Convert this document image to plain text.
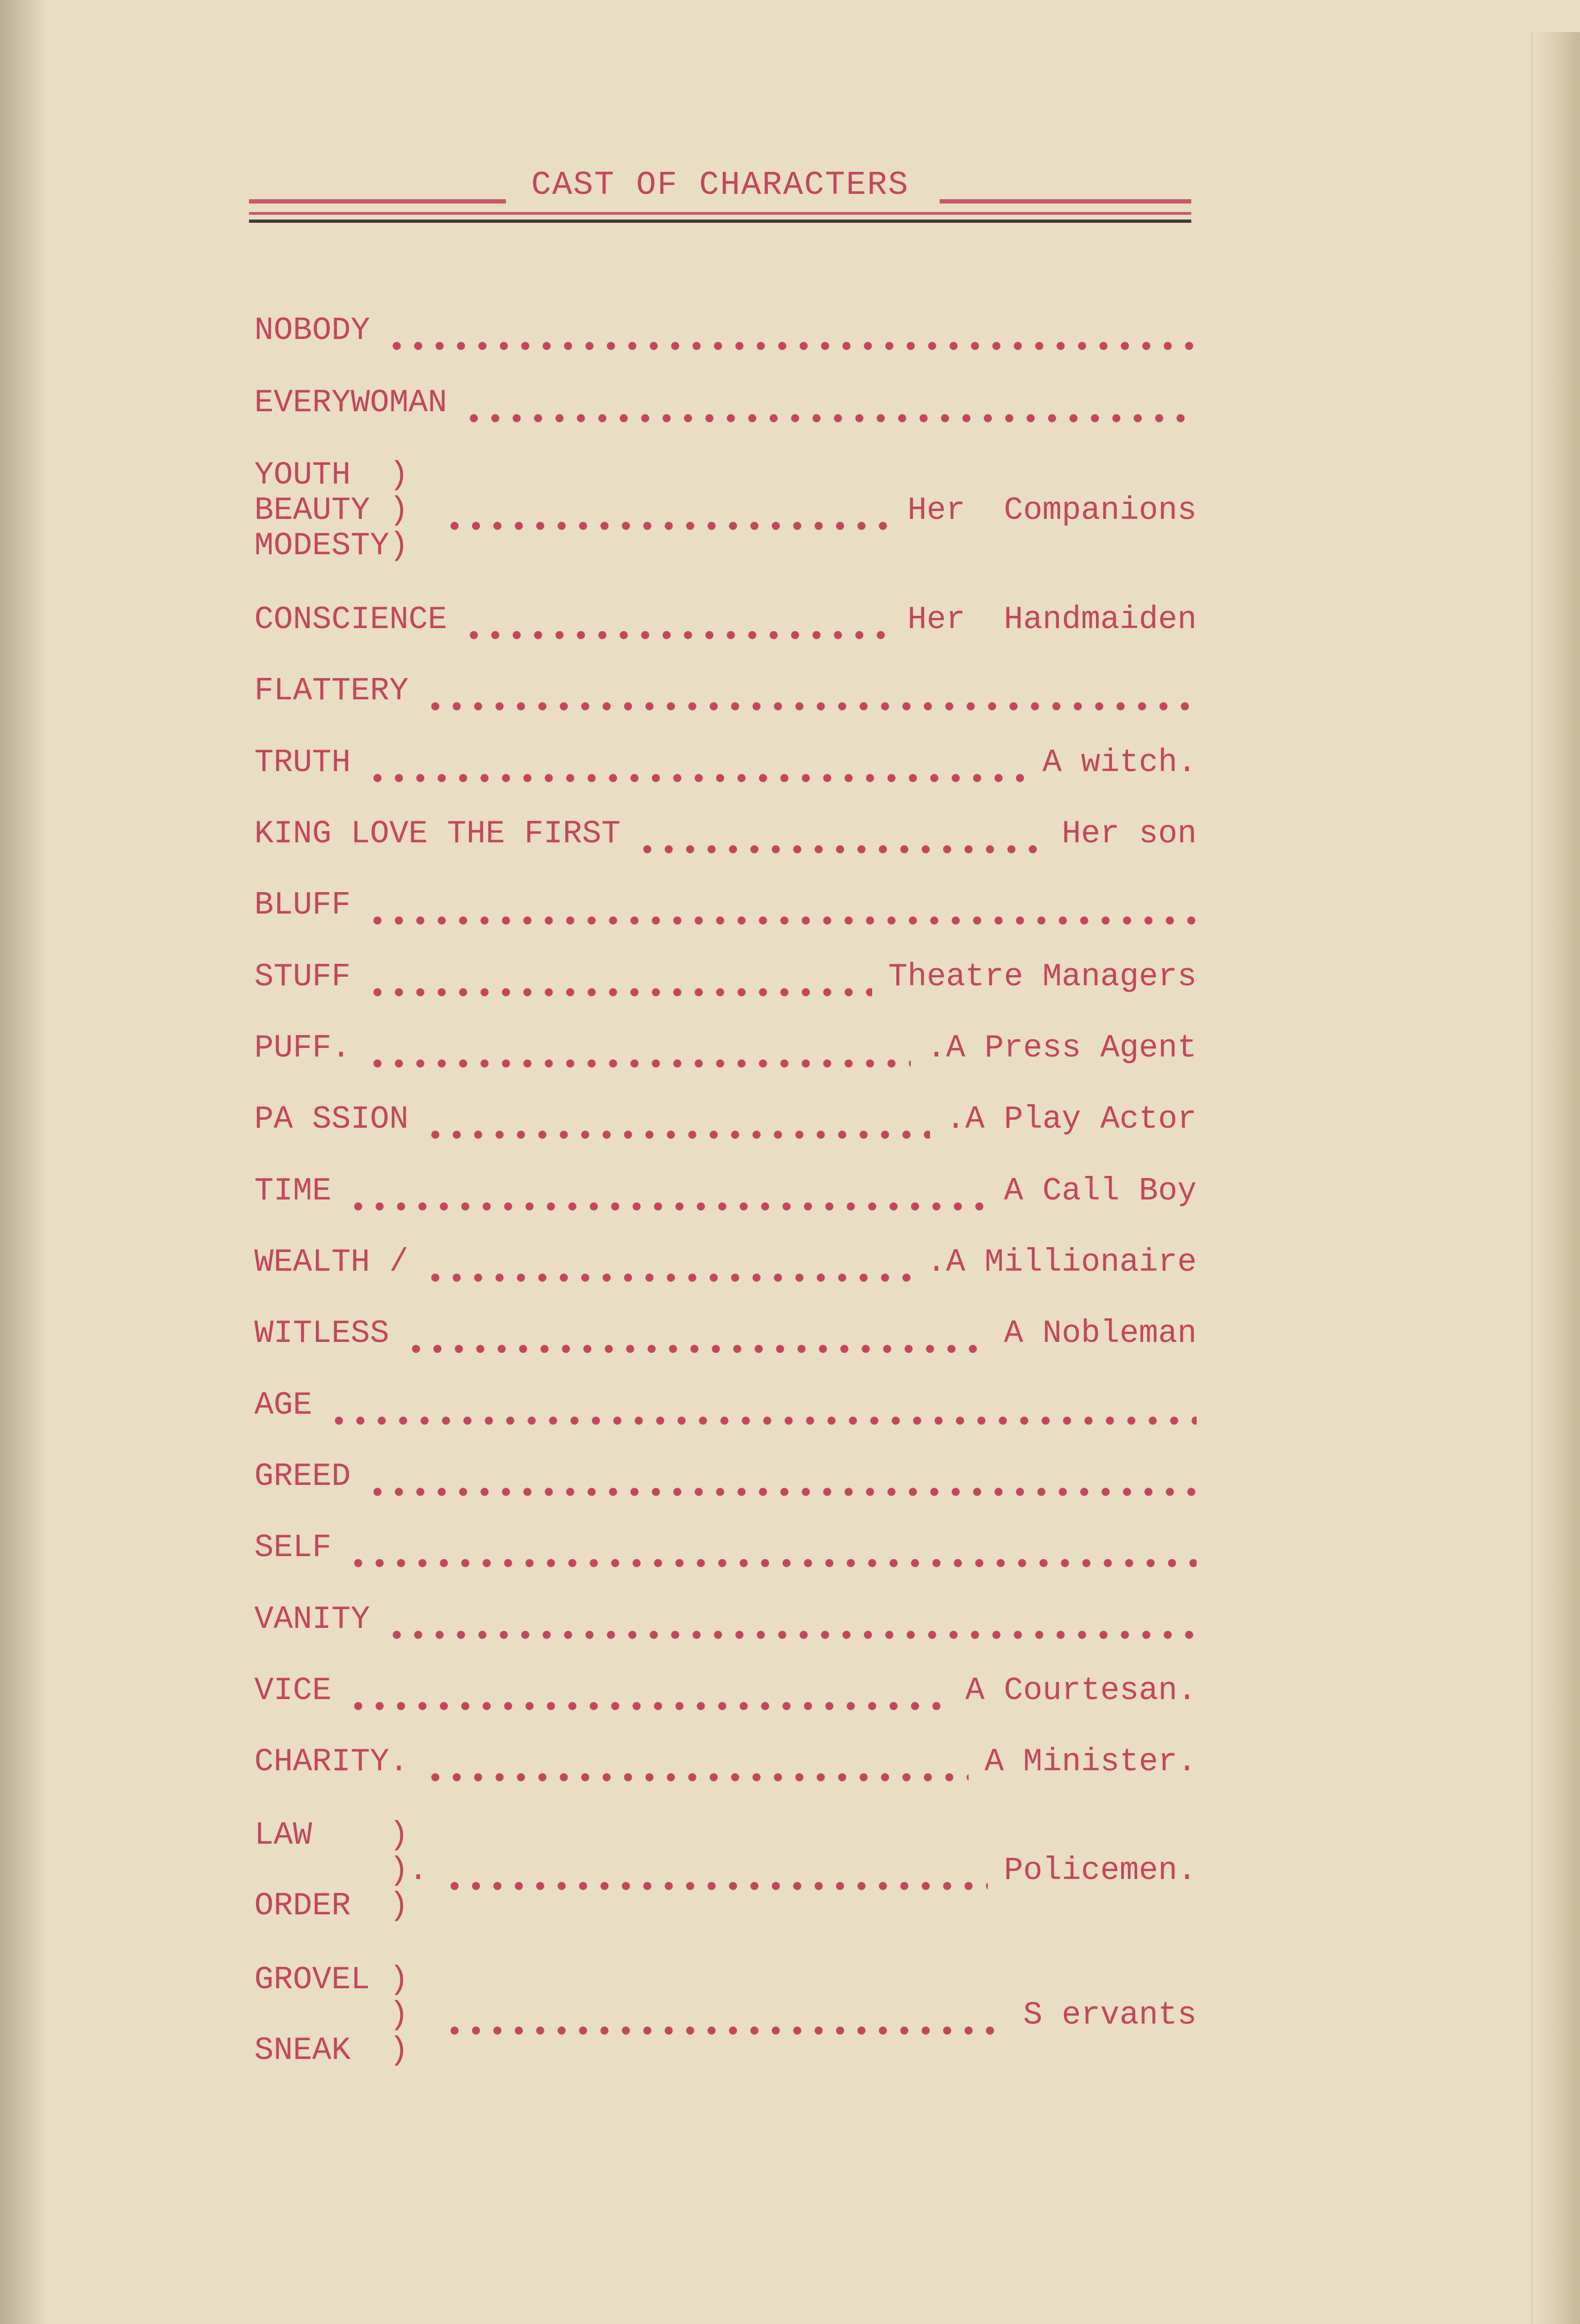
CAST OF CHARACTERS
NOBODY
EVERYWOMAN
YOUTH  )
BEAUTY )
MODESTY)
Her  Companions
CONSCIENCE	Her  Handmaiden
FLATTERY
TRUTH	A witch.
KING LOVE THE FIRST	Her son
BLUFF
STUFF	Theatre Managers
PUFF.	.A Press Agent
PA SSION	.A Play Actor
TIME	A Call Boy
WEALTH /	.A Millionaire
WITLESS	A Nobleman
AGE
GREED
SELF
VANITY
VICE	A Courtesan.
CHARITY.	A Minister.
LAW    )
).
ORDER  )
Policemen.
GROVEL )
)
SNEAK  )
S ervants
